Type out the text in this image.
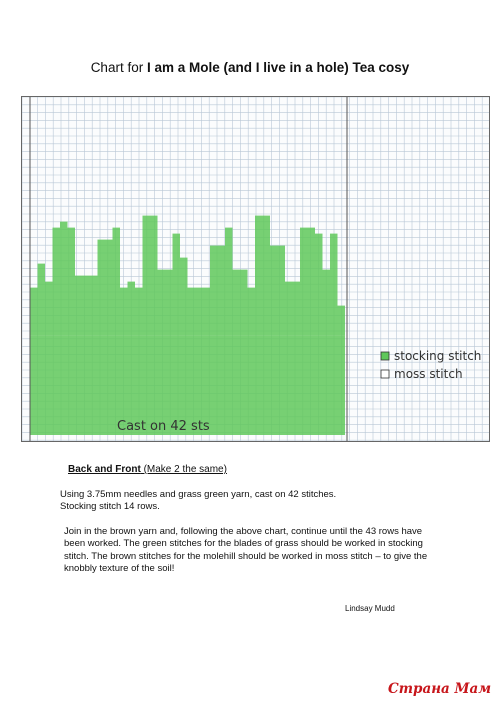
Chart for I am a Mole (and I live in a hole) Tea cosy
Cast on 42 sts
stocking stitch
moss stitch
Back and Front (Make 2 the same)
Using 3.75mm needles and grass green yarn, cast on 42 stitches.
Stocking stitch 14 rows.
Join in the brown yarn and, following the above chart, continue until the 43 rows have been worked. The green stitches for the blades of grass should be worked in stocking stitch. The brown stitches for the molehill should be worked in moss stitch – to give the knobbly texture of the soil!
Lindsay Mudd
Страна Мам
